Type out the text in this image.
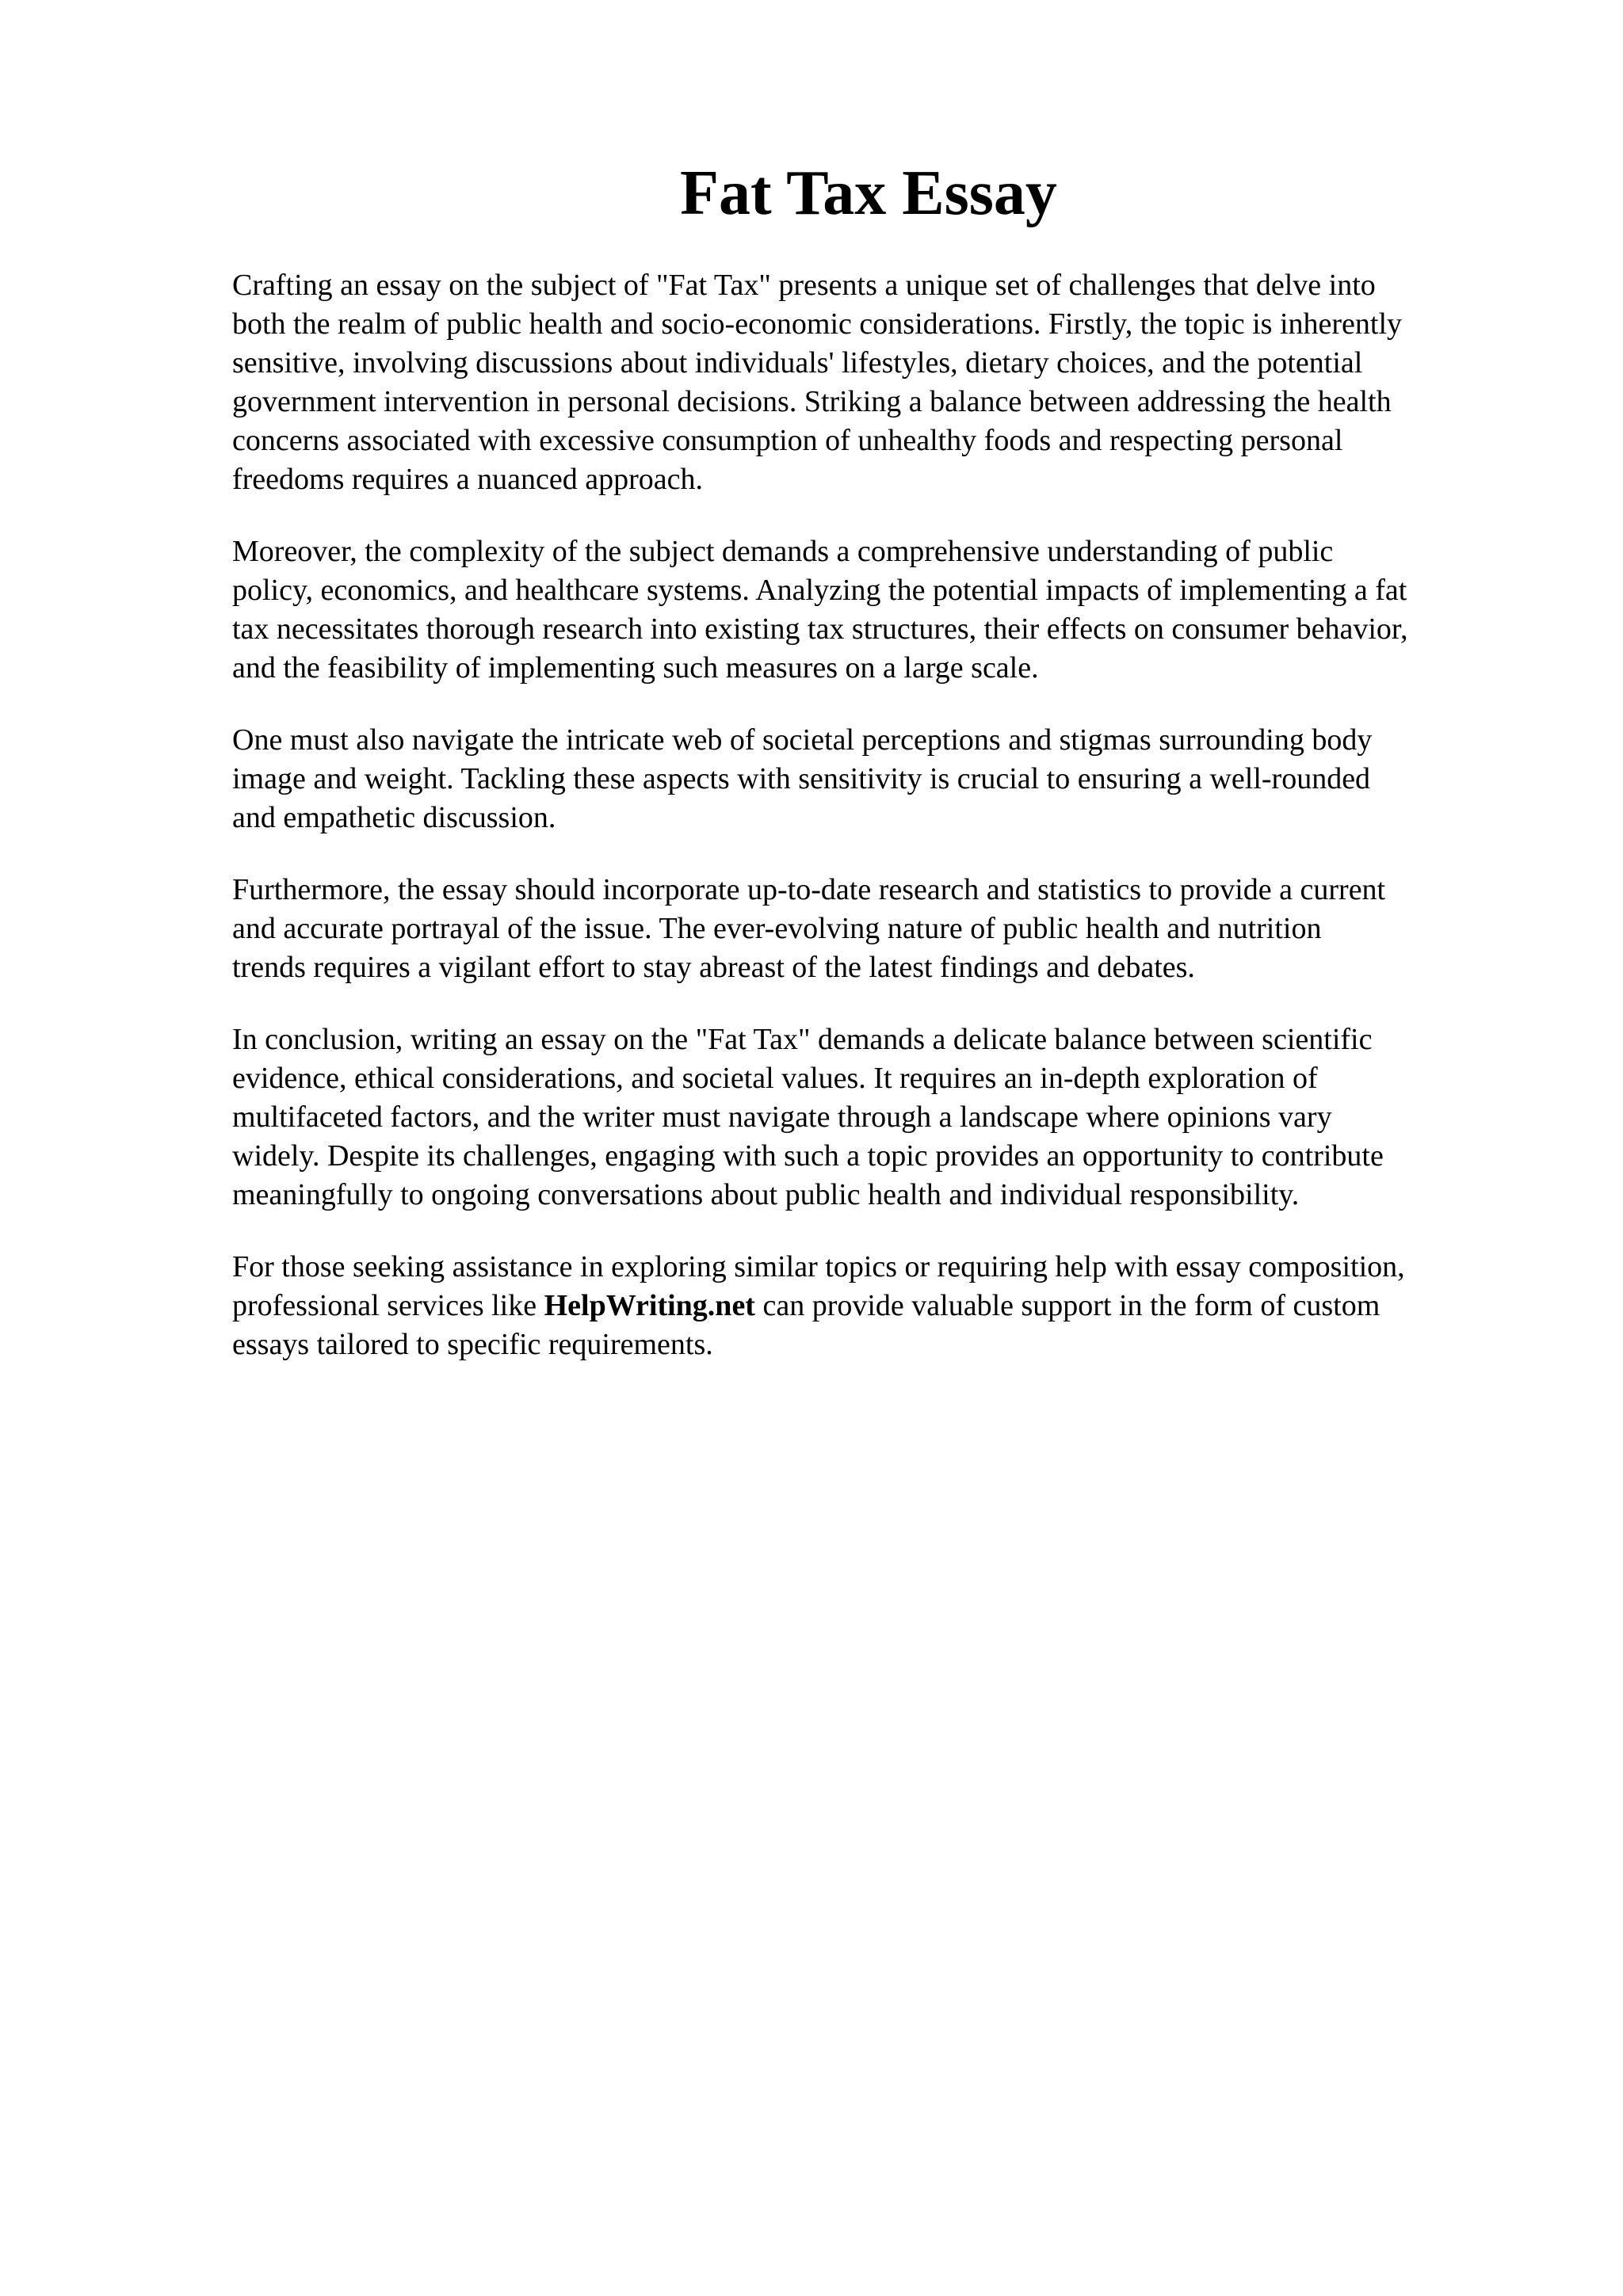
Fat Tax Essay

Crafting an essay on the subject of "Fat Tax" presents a unique set of challenges that delve into
both the realm of public health and socio-economic considerations. Firstly, the topic is inherently
sensitive, involving discussions about individuals' lifestyles, dietary choices, and the potential
government intervention in personal decisions. Striking a balance between addressing the health
concerns associated with excessive consumption of unhealthy foods and respecting personal
freedoms requires a nuanced approach.

Moreover, the complexity of the subject demands a comprehensive understanding of public
policy, economics, and healthcare systems. Analyzing the potential impacts of implementing a fat
tax necessitates thorough research into existing tax structures, their effects on consumer behavior,
and the feasibility of implementing such measures on a large scale.

One must also navigate the intricate web of societal perceptions and stigmas surrounding body
image and weight. Tackling these aspects with sensitivity is crucial to ensuring a well-rounded
and empathetic discussion.

Furthermore, the essay should incorporate up-to-date research and statistics to provide a current
and accurate portrayal of the issue. The ever-evolving nature of public health and nutrition
trends requires a vigilant effort to stay abreast of the latest findings and debates.

In conclusion, writing an essay on the "Fat Tax" demands a delicate balance between scientific
evidence, ethical considerations, and societal values. It requires an in-depth exploration of
multifaceted factors, and the writer must navigate through a landscape where opinions vary
widely. Despite its challenges, engaging with such a topic provides an opportunity to contribute
meaningfully to ongoing conversations about public health and individual responsibility.

For those seeking assistance in exploring similar topics or requiring help with essay composition,
professional services like HelpWriting.net can provide valuable support in the form of custom
essays tailored to specific requirements.
